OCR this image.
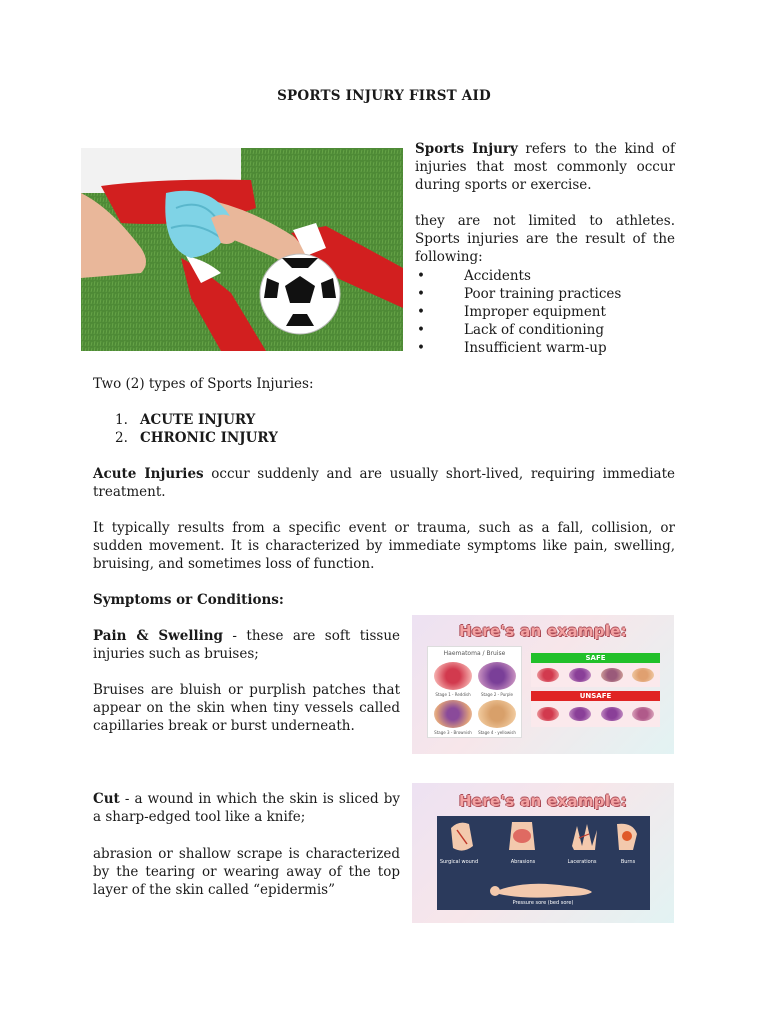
SPORTS INJURY FIRST AID
Sports Injury refers to the kind of injuries that most commonly occur during sports or exercise.
they are not limited to athletes. Sports injuries are the result of the following:
•	Accidents
•	Poor training practices
•	Improper equipment
•	Lack of conditioning
•	Insufficient warm-up
Two (2) types of Sports Injuries:
1. ACUTE INJURY
2. CHRONIC INJURY
Acute Injuries occur suddenly and are usually short-lived, requiring immediate treatment.
It typically results from a specific event or trauma, such as a fall, collision, or sudden movement. It is characterized by immediate symptoms like pain, swelling, bruising, and sometimes loss of function.
Symptoms or Conditions:
Pain & Swelling - these are soft tissue injuries such as bruises;
Bruises are bluish or purplish patches that appear on the skin when tiny vessels called capillaries break or burst underneath.
Cut - a wound in which the skin is sliced by a sharp-edged tool like a knife;
abrasion or shallow scrape is characterized by the tearing or wearing away of the top layer of the skin called “epidermis”
Here's an example:
Haematoma / Bruise
Stage 1 - Reddish	Stage 2 - Purple
Stage 3 - Brownish	Stage 4 - yellowish
SAFE
UNSAFE
Here's an example:
Surgical wound	Abrasions	Lacerations	Burns
Pressure sore (bed sore)
